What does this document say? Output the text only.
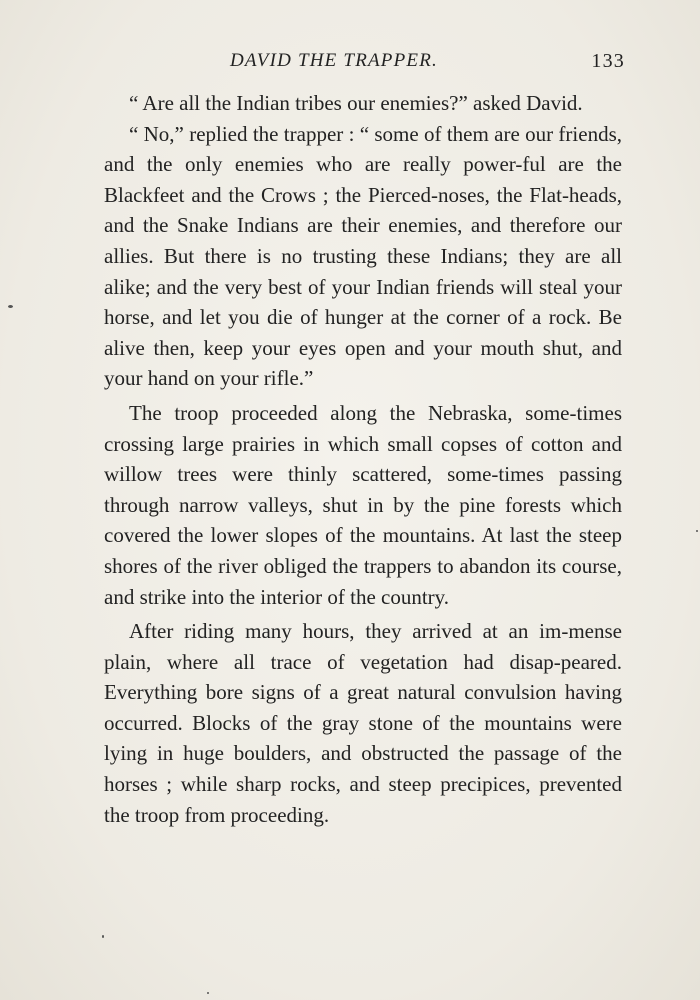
DAVID THE TRAPPER.	133

“ Are all the Indian tribes our enemies?” asked David.

“ No,” replied the trapper : “ some of them are our friends, and the only enemies who are really power-ful are the Blackfeet and the Crows ; the Pierced-noses, the Flat-heads, and the Snake Indians are their enemies, and therefore our allies. But there is no trusting these Indians; they are all alike; and the very best of your Indian friends will steal your horse, and let you die of hunger at the corner of a rock. Be alive then, keep your eyes open and your mouth shut, and your hand on your rifle.”

The troop proceeded along the Nebraska, some-times crossing large prairies in which small copses of cotton and willow trees were thinly scattered, some-times passing through narrow valleys, shut in by the pine forests which covered the lower slopes of the mountains. At last the steep shores of the river obliged the trappers to abandon its course, and strike into the interior of the country.

After riding many hours, they arrived at an im-mense plain, where all trace of vegetation had disap-peared. Everything bore signs of a great natural convulsion having occurred. Blocks of the gray stone of the mountains were lying in huge boulders, and obstructed the passage of the horses ; while sharp rocks, and steep precipices, prevented the troop from proceeding.
